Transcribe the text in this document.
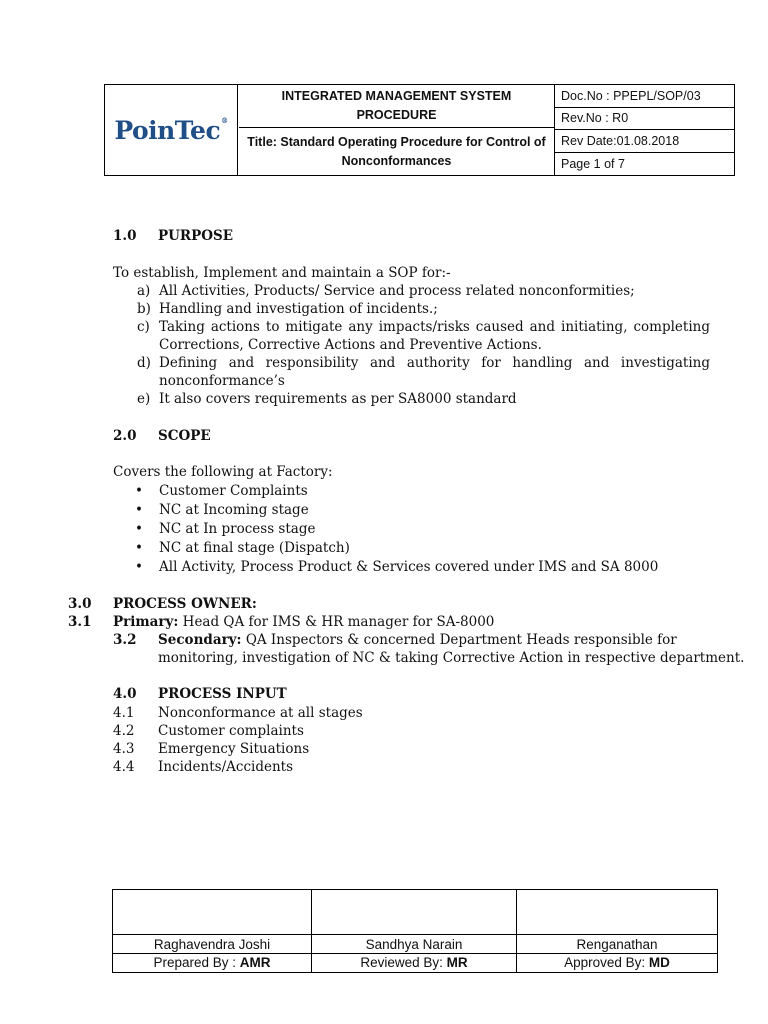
PoinTec®
INTEGRATED MANAGEMENT SYSTEM PROCEDURE
Title: Standard Operating Procedure for Control of Nonconformances
Doc.No : PPEPL/SOP/03
Rev.No : R0
Rev Date:01.08.2018
Page 1 of 7
1.0 PURPOSE
To establish, Implement and maintain a SOP for:-
a) All Activities, Products/ Service and process related nonconformities;
b) Handling and investigation of incidents.;
c) Taking actions to mitigate any impacts/risks caused and initiating, completing
Corrections, Corrective Actions and Preventive Actions.
d) Defining and responsibility and authority for handling and investigating
nonconformance’s
e) It also covers requirements as per SA8000 standard
2.0 SCOPE
Covers the following at Factory:
• Customer Complaints
• NC at Incoming stage
• NC at In process stage
• NC at final stage (Dispatch)
• All Activity, Process Product & Services covered under IMS and SA 8000
3.0 PROCESS OWNER:
3.1 Primary: Head QA for IMS & HR manager for SA-8000
3.2 Secondary: QA Inspectors & concerned Department Heads responsible for
monitoring, investigation of NC & taking Corrective Action in respective department.
4.0 PROCESS INPUT
4.1 Nonconformance at all stages
4.2 Customer complaints
4.3 Emergency Situations
4.4 Incidents/Accidents
Raghavendra Joshi
Prepared By : AMR
Sandhya Narain
Reviewed By: MR
Renganathan
Approved By: MD
